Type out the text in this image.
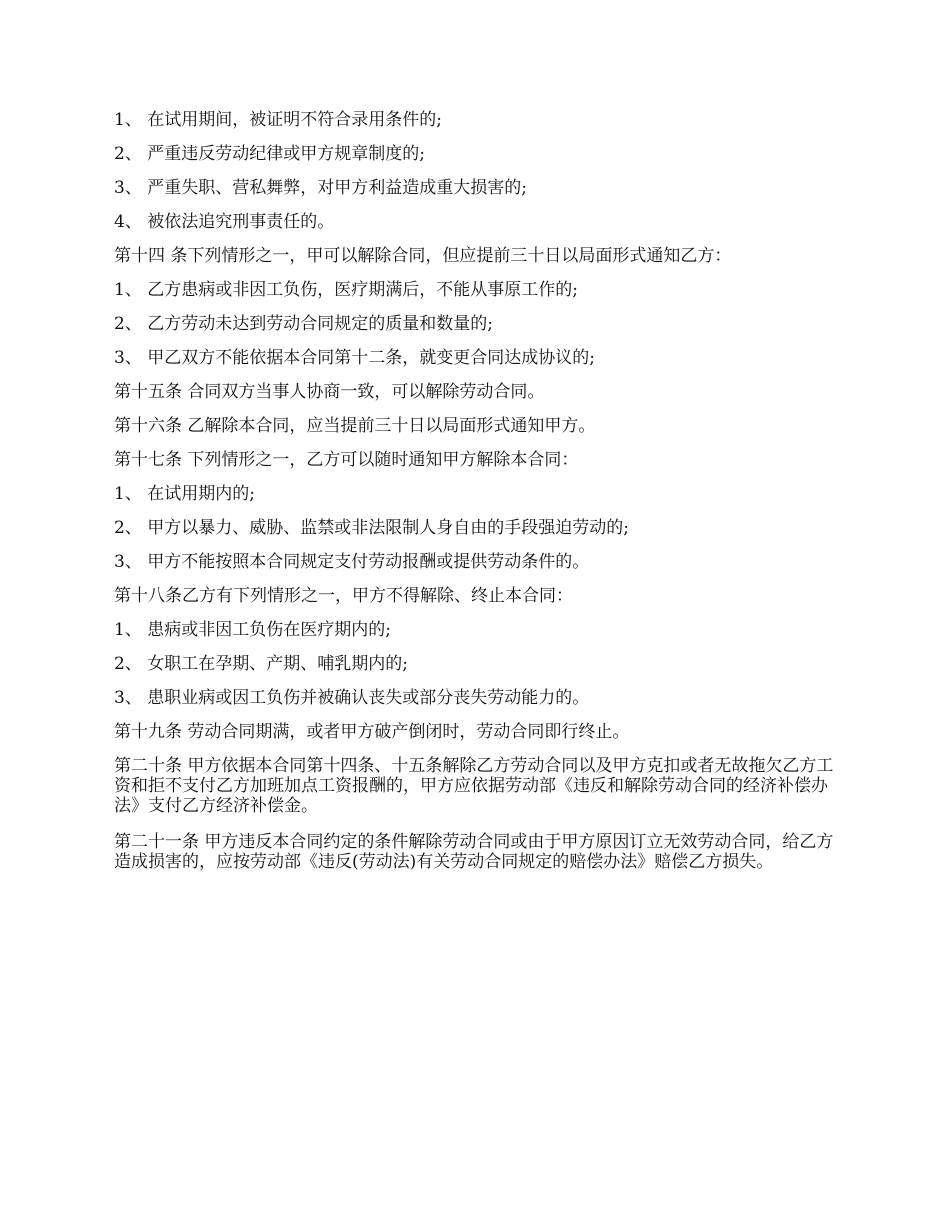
1、 在试用期间，被证明不符合录用条件的;

2、 严重违反劳动纪律或甲方规章制度的;

3、 严重失职、营私舞弊，对甲方利益造成重大损害的;

4、 被依法追究刑事责任的。

第十四 条下列情形之一，甲可以解除合同，但应提前三十日以局面形式通知乙方：

1、 乙方患病或非因工负伤，医疗期满后，不能从事原工作的;

2、 乙方劳动未达到劳动合同规定的质量和数量的;

3、 甲乙双方不能依据本合同第十二条，就变更合同达成协议的;

第十五条 合同双方当事人协商一致，可以解除劳动合同。

第十六条 乙解除本合同，应当提前三十日以局面形式通知甲方。

第十七条 下列情形之一，乙方可以随时通知甲方解除本合同：

1、 在试用期内的;

2、 甲方以暴力、威胁、监禁或非法限制人身自由的手段强迫劳动的;

3、 甲方不能按照本合同规定支付劳动报酬或提供劳动条件的。

第十八条乙方有下列情形之一，甲方不得解除、终止本合同：

1、 患病或非因工负伤在医疗期内的;

2、 女职工在孕期、产期、哺乳期内的;

3、 患职业病或因工负伤并被确认丧失或部分丧失劳动能力的。

第十九条 劳动合同期满，或者甲方破产倒闭时，劳动合同即行终止。

第二十条 甲方依据本合同第十四条、十五条解除乙方劳动合同以及甲方克扣或者无故拖欠乙方工资和拒不支付乙方加班加点工资报酬的，甲方应依据劳动部《违反和解除劳动合同的经济补偿办法》支付乙方经济补偿金。

第二十一条 甲方违反本合同约定的条件解除劳动合同或由于甲方原因订立无效劳动合同，给乙方造成损害的，应按劳动部《违反(劳动法)有关劳动合同规定的赔偿办法》赔偿乙方损失。
